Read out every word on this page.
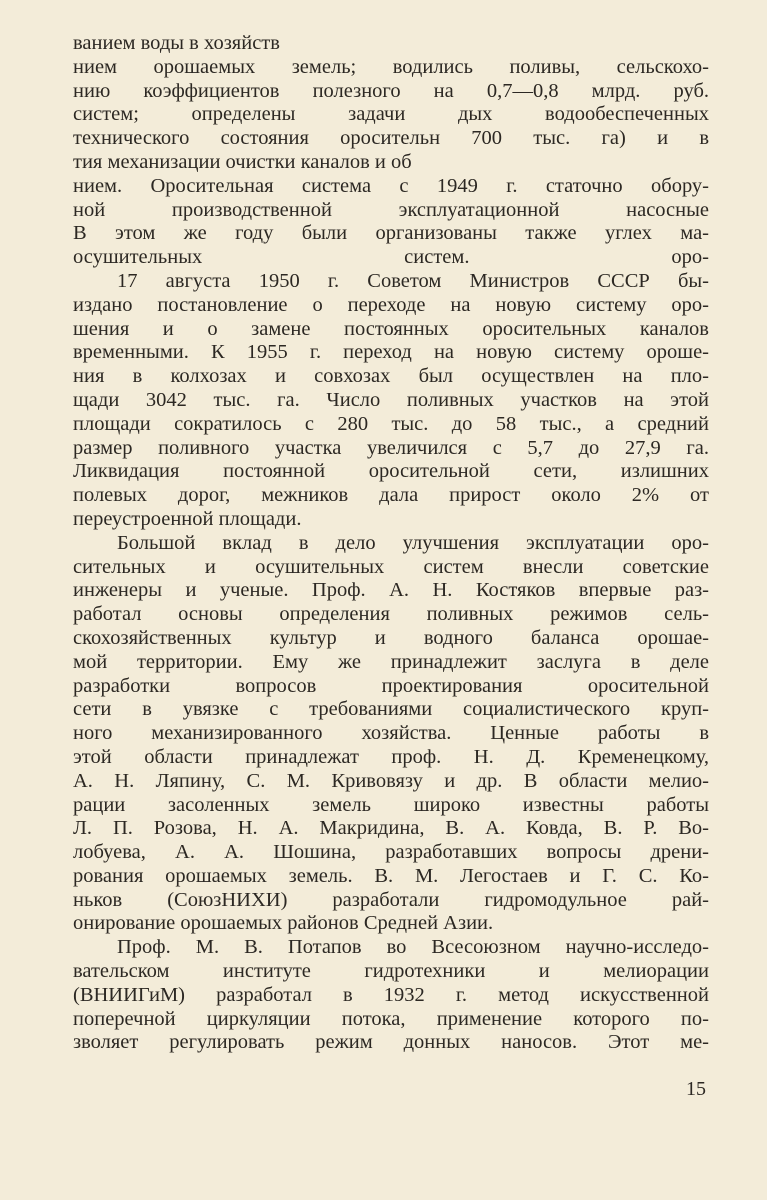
ванием воды в хозяйств
нием орошаемых земель; водились поливы, сельскохо-
нию коэффициентов полезного на 0,7—0,8 млрд. руб.
систем; определены задачи дых водообеспеченных
технического состояния оросительн 700 тыс. га) и в
тия механизации очистки каналов и об
нием. Оросительная система с 1949 г. статочно обору-
ной производственной эксплуатационной насосные
В этом же году были организованы также углех ма-
осушительных систем. оро-
17 августа 1950 г. Советом Министров СССР бы-
издано постановление о переходе на новую систему оро-
шения и о замене постоянных оросительных каналов
временными. К 1955 г. переход на новую систему ороше-
ния в колхозах и совхозах был осуществлен на пло-
щади 3042 тыс. га. Число поливных участков на этой
площади сократилось с 280 тыс. до 58 тыс., а средний
размер поливного участка увеличился с 5,7 до 27,9 га.
Ликвидация постоянной оросительной сети, излишних
полевых дорог, межников дала прирост около 2% от
переустроенной площади.
Большой вклад в дело улучшения эксплуатации оро-
сительных и осушительных систем внесли советские
инженеры и ученые. Проф. А. Н. Костяков впервые раз-
работал основы определения поливных режимов сель-
скохозяйственных культур и водного баланса орошае-
мой территории. Ему же принадлежит заслуга в деле
разработки вопросов проектирования оросительной
сети в увязке с требованиями социалистического круп-
ного механизированного хозяйства. Ценные работы в
этой области принадлежат проф. Н. Д. Кременецкому,
А. Н. Ляпину, С. М. Кривовязу и др. В области мелио-
рации засоленных земель широко известны работы
Л. П. Розова, Н. А. Макридина, В. А. Ковда, В. Р. Во-
лобуева, А. А. Шошина, разработавших вопросы дрени-
рования орошаемых земель. В. М. Легостаев и Г. С. Ко-
ньков (СоюзНИХИ) разработали гидромодульное рай-
онирование орошаемых районов Средней Азии.
Проф. М. В. Потапов во Всесоюзном научно-исследо-
вательском институте гидротехники и мелиорации
(ВНИИГиМ) разработал в 1932 г. метод искусственной
поперечной циркуляции потока, применение которого по-
зволяет регулировать режим донных наносов. Этот ме-
15
